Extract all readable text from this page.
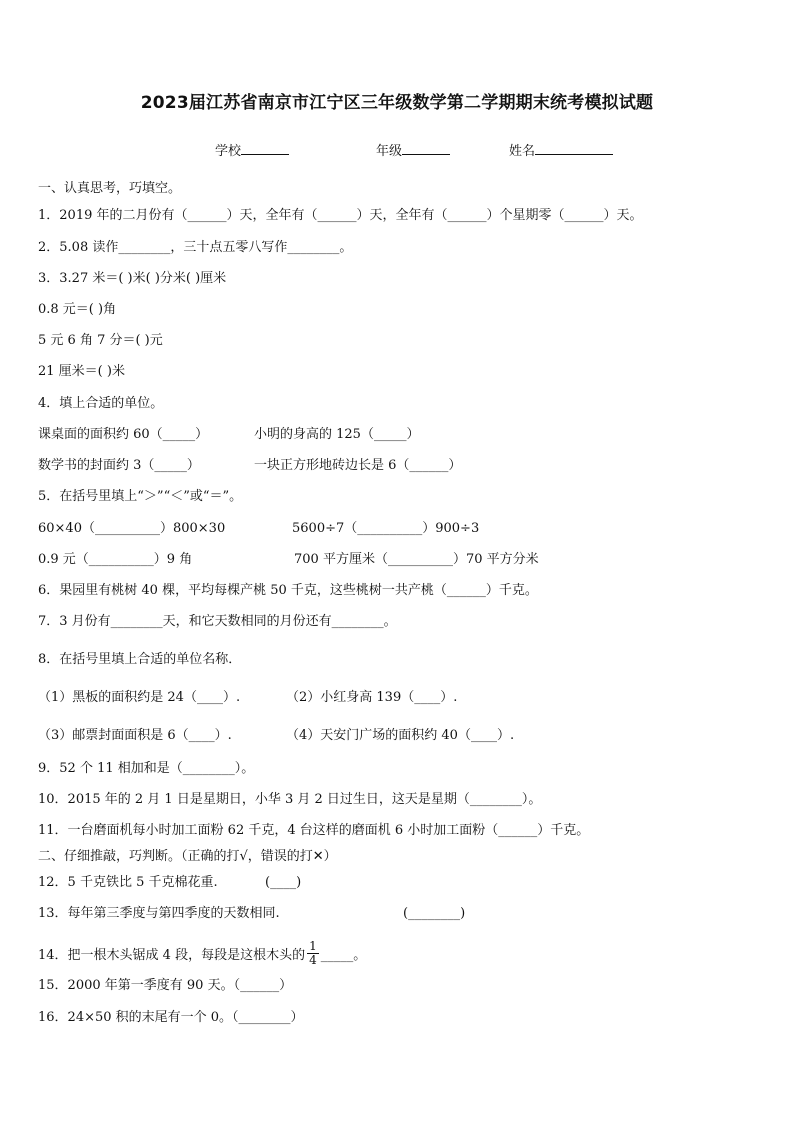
2023届江苏省南京市江宁区三年级数学第二学期期末统考模拟试题
学校	年级	姓名
一、认真思考，巧填空。
1．2019 年的二月份有（______）天，全年有（______）天，全年有（______）个星期零（______）天。
2．5.08 读作________，三十点五零八写作________。
3．3.27 米＝( )米( )分米( )厘米
0.8 元＝( )角
5 元 6 角 7 分＝( )元
21 厘米＝( )米
4．填上合适的单位。
课桌面的面积约 60（_____）	小明的身高的 125（_____）
数学书的封面约 3（_____）	一块正方形地砖边长是 6（______）
5．在括号里填上“＞”“＜”或“＝”。
60×40（__________）800×30	5600÷7（__________）900÷3
0.9 元（__________）9 角	700 平方厘米（__________）70 平方分米
6．果园里有桃树 40 棵，平均每棵产桃 50 千克，这些桃树一共产桃（______）千克。
7．3 月份有________天，和它天数相同的月份还有________。
8．在括号里填上合适的单位名称．
（1）黑板的面积约是 24（____）.	（2）小红身高 139（____）.
（3）邮票封面面积是 6（____）.	（4）天安门广场的面积约 40（____）.
9．52 个 11 相加和是（________）。
10．2015 年的 2 月 1 日是星期日，小华 3 月 2 日过生日，这天是星期（________）。
11．一台磨面机每小时加工面粉 62 千克，4 台这样的磨面机 6 小时加工面粉（______）千克。
二、仔细推敲，巧判断。（正确的打√，错误的打✕）
12．5 千克铁比 5 千克棉花重.	(____)
13．每年第三季度与第四季度的天数相同.	(________)
14．把一根木头锯成 4 段，每段是这根木头的 $\frac{1}{4}$ _____。
15．2000 年第一季度有 90 天。（______）
16．24×50 积的末尾有一个 0。（________）
